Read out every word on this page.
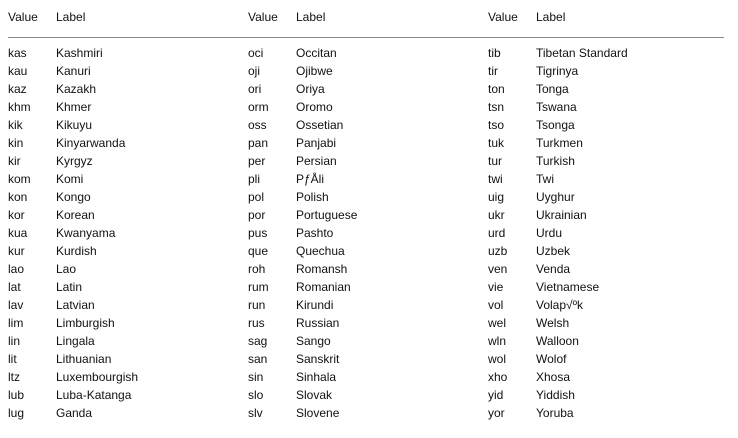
Value Label
kas Kashmiri
kau Kanuri
kaz Kazakh
khm Khmer
kik	Kikuyu
kin	Kinyarwanda
kir	Kyrgyz
kom Komi
kon Kongo
kor	Korean
kua Kwanyama
kur	Kurdish
lao	Lao
lat	Latin
lav	Latvian
lim	Limburgish
lin	Lingala
lit	Lithuanian
ltz	Luxembourgish
lub	Luba-Katanga
lug	Ganda
Value Label
oci	Occitan
oji	Ojibwe
ori	Oriya
orm Oromo
oss Ossetian
pan Panjabi
per	Persian
pli	PƒÅli
pol	Polish
por	Portuguese
pus Pashto
que Quechua
roh	Romansh
rum Romanian
run	Kirundi
rus	Russian
sag Sango
san Sanskrit
sin	Sinhala
slo	Slovak
slv	Slovene
Value Label
tib	Tibetan Standard
tir	Tigrinya
ton	Tonga
tsn	Tswana
tso	Tsonga
tuk	Turkmen
tur	Turkish
twi	Twi
uig	Uyghur
ukr	Ukrainian
urd	Urdu
uzb Uzbek
ven Venda
vie	Vietnamese
vol	Volap√ºk
wel Welsh
wln Walloon
wol Wolof
xho Xhosa
yid	Yiddish
yor	Yoruba
